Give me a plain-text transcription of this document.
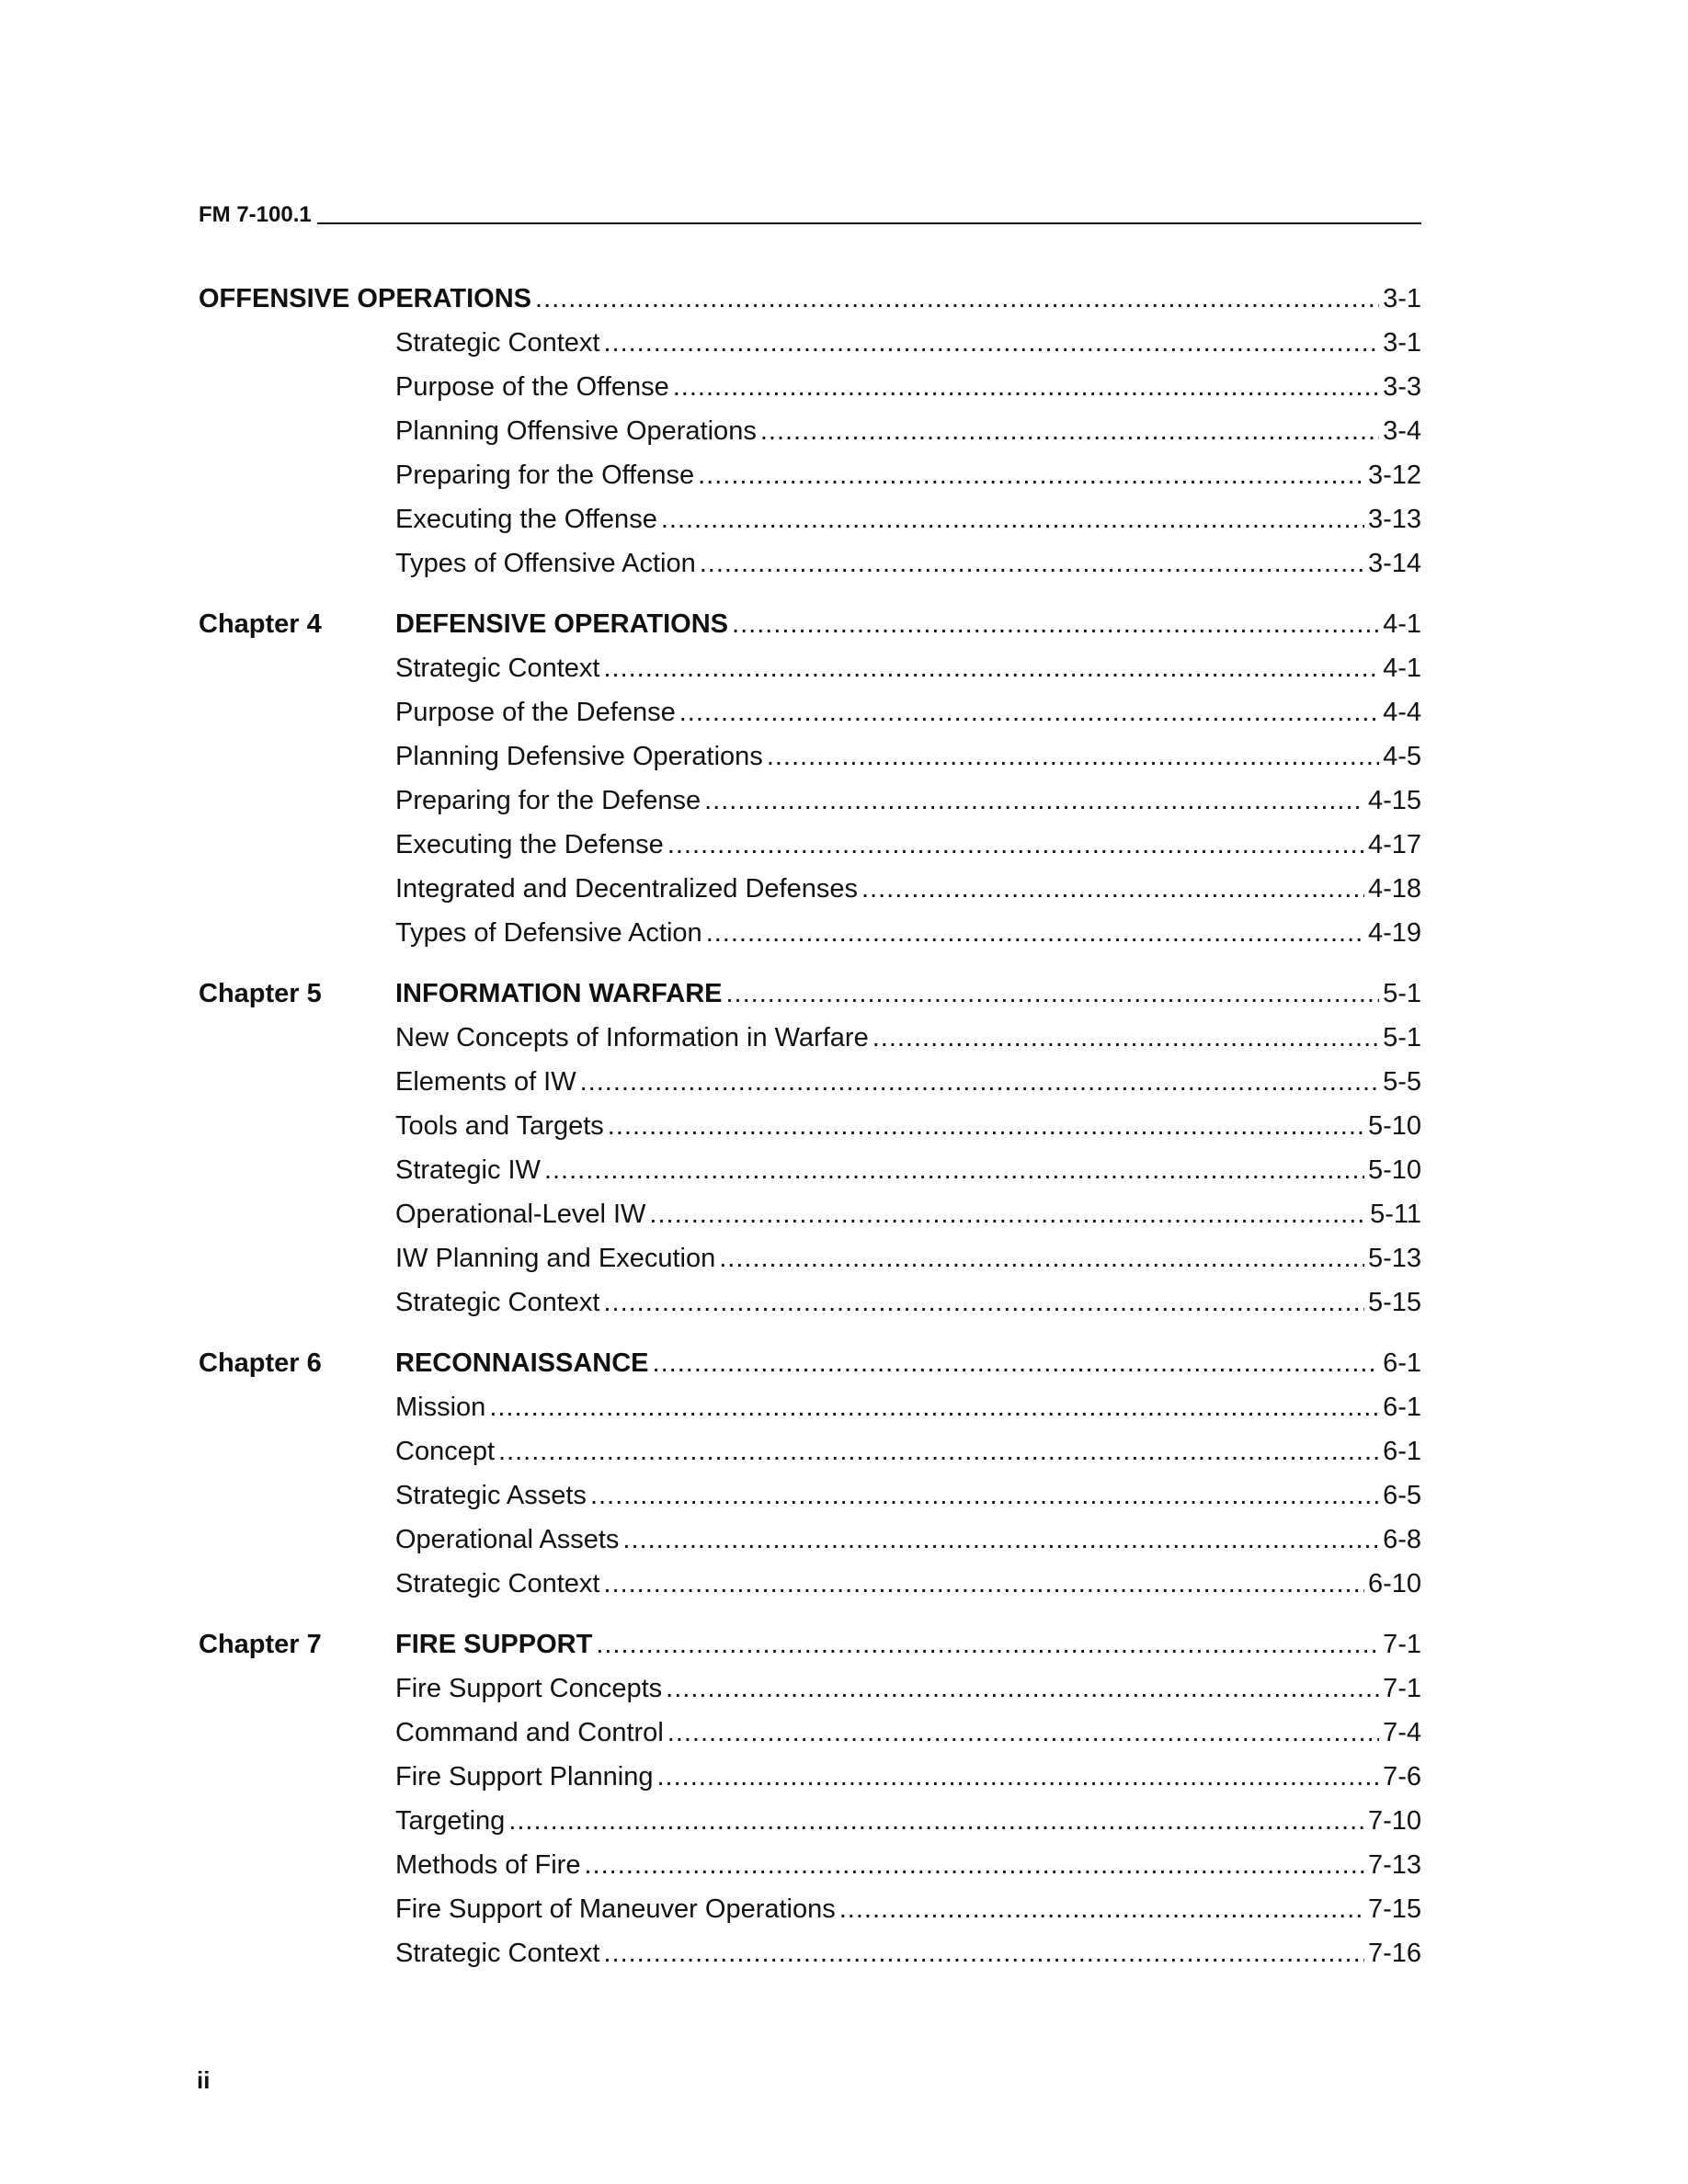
FM 7-100.1
OFFENSIVE OPERATIONS .....	3-1
Strategic Context .....	3-1
Purpose of the Offense .....	3-3
Planning Offensive Operations .....	3-4
Preparing for the Offense .....	3-12
Executing the Offense .....	3-13
Types of Offensive Action .....	3-14
Chapter 4	DEFENSIVE OPERATIONS .....	4-1
Strategic Context .....	4-1
Purpose of the Defense .....	4-4
Planning Defensive Operations .....	4-5
Preparing for the Defense .....	4-15
Executing the Defense .....	4-17
Integrated and Decentralized Defenses .....	4-18
Types of Defensive Action .....	4-19
Chapter 5	INFORMATION WARFARE .....	5-1
New Concepts of Information in Warfare .....	5-1
Elements of IW .....	5-5
Tools and Targets .....	5-10
Strategic IW .....	5-10
Operational-Level IW .....	5-11
IW Planning and Execution .....	5-13
Strategic Context .....	5-15
Chapter 6	RECONNAISSANCE .....	6-1
Mission .....	6-1
Concept .....	6-1
Strategic Assets .....	6-5
Operational Assets .....	6-8
Strategic Context .....	6-10
Chapter 7	FIRE SUPPORT .....	7-1
Fire Support Concepts .....	7-1
Command and Control .....	7-4
Fire Support Planning .....	7-6
Targeting .....	7-10
Methods of Fire .....	7-13
Fire Support of Maneuver Operations .....	7-15
Strategic Context .....	7-16
ii
